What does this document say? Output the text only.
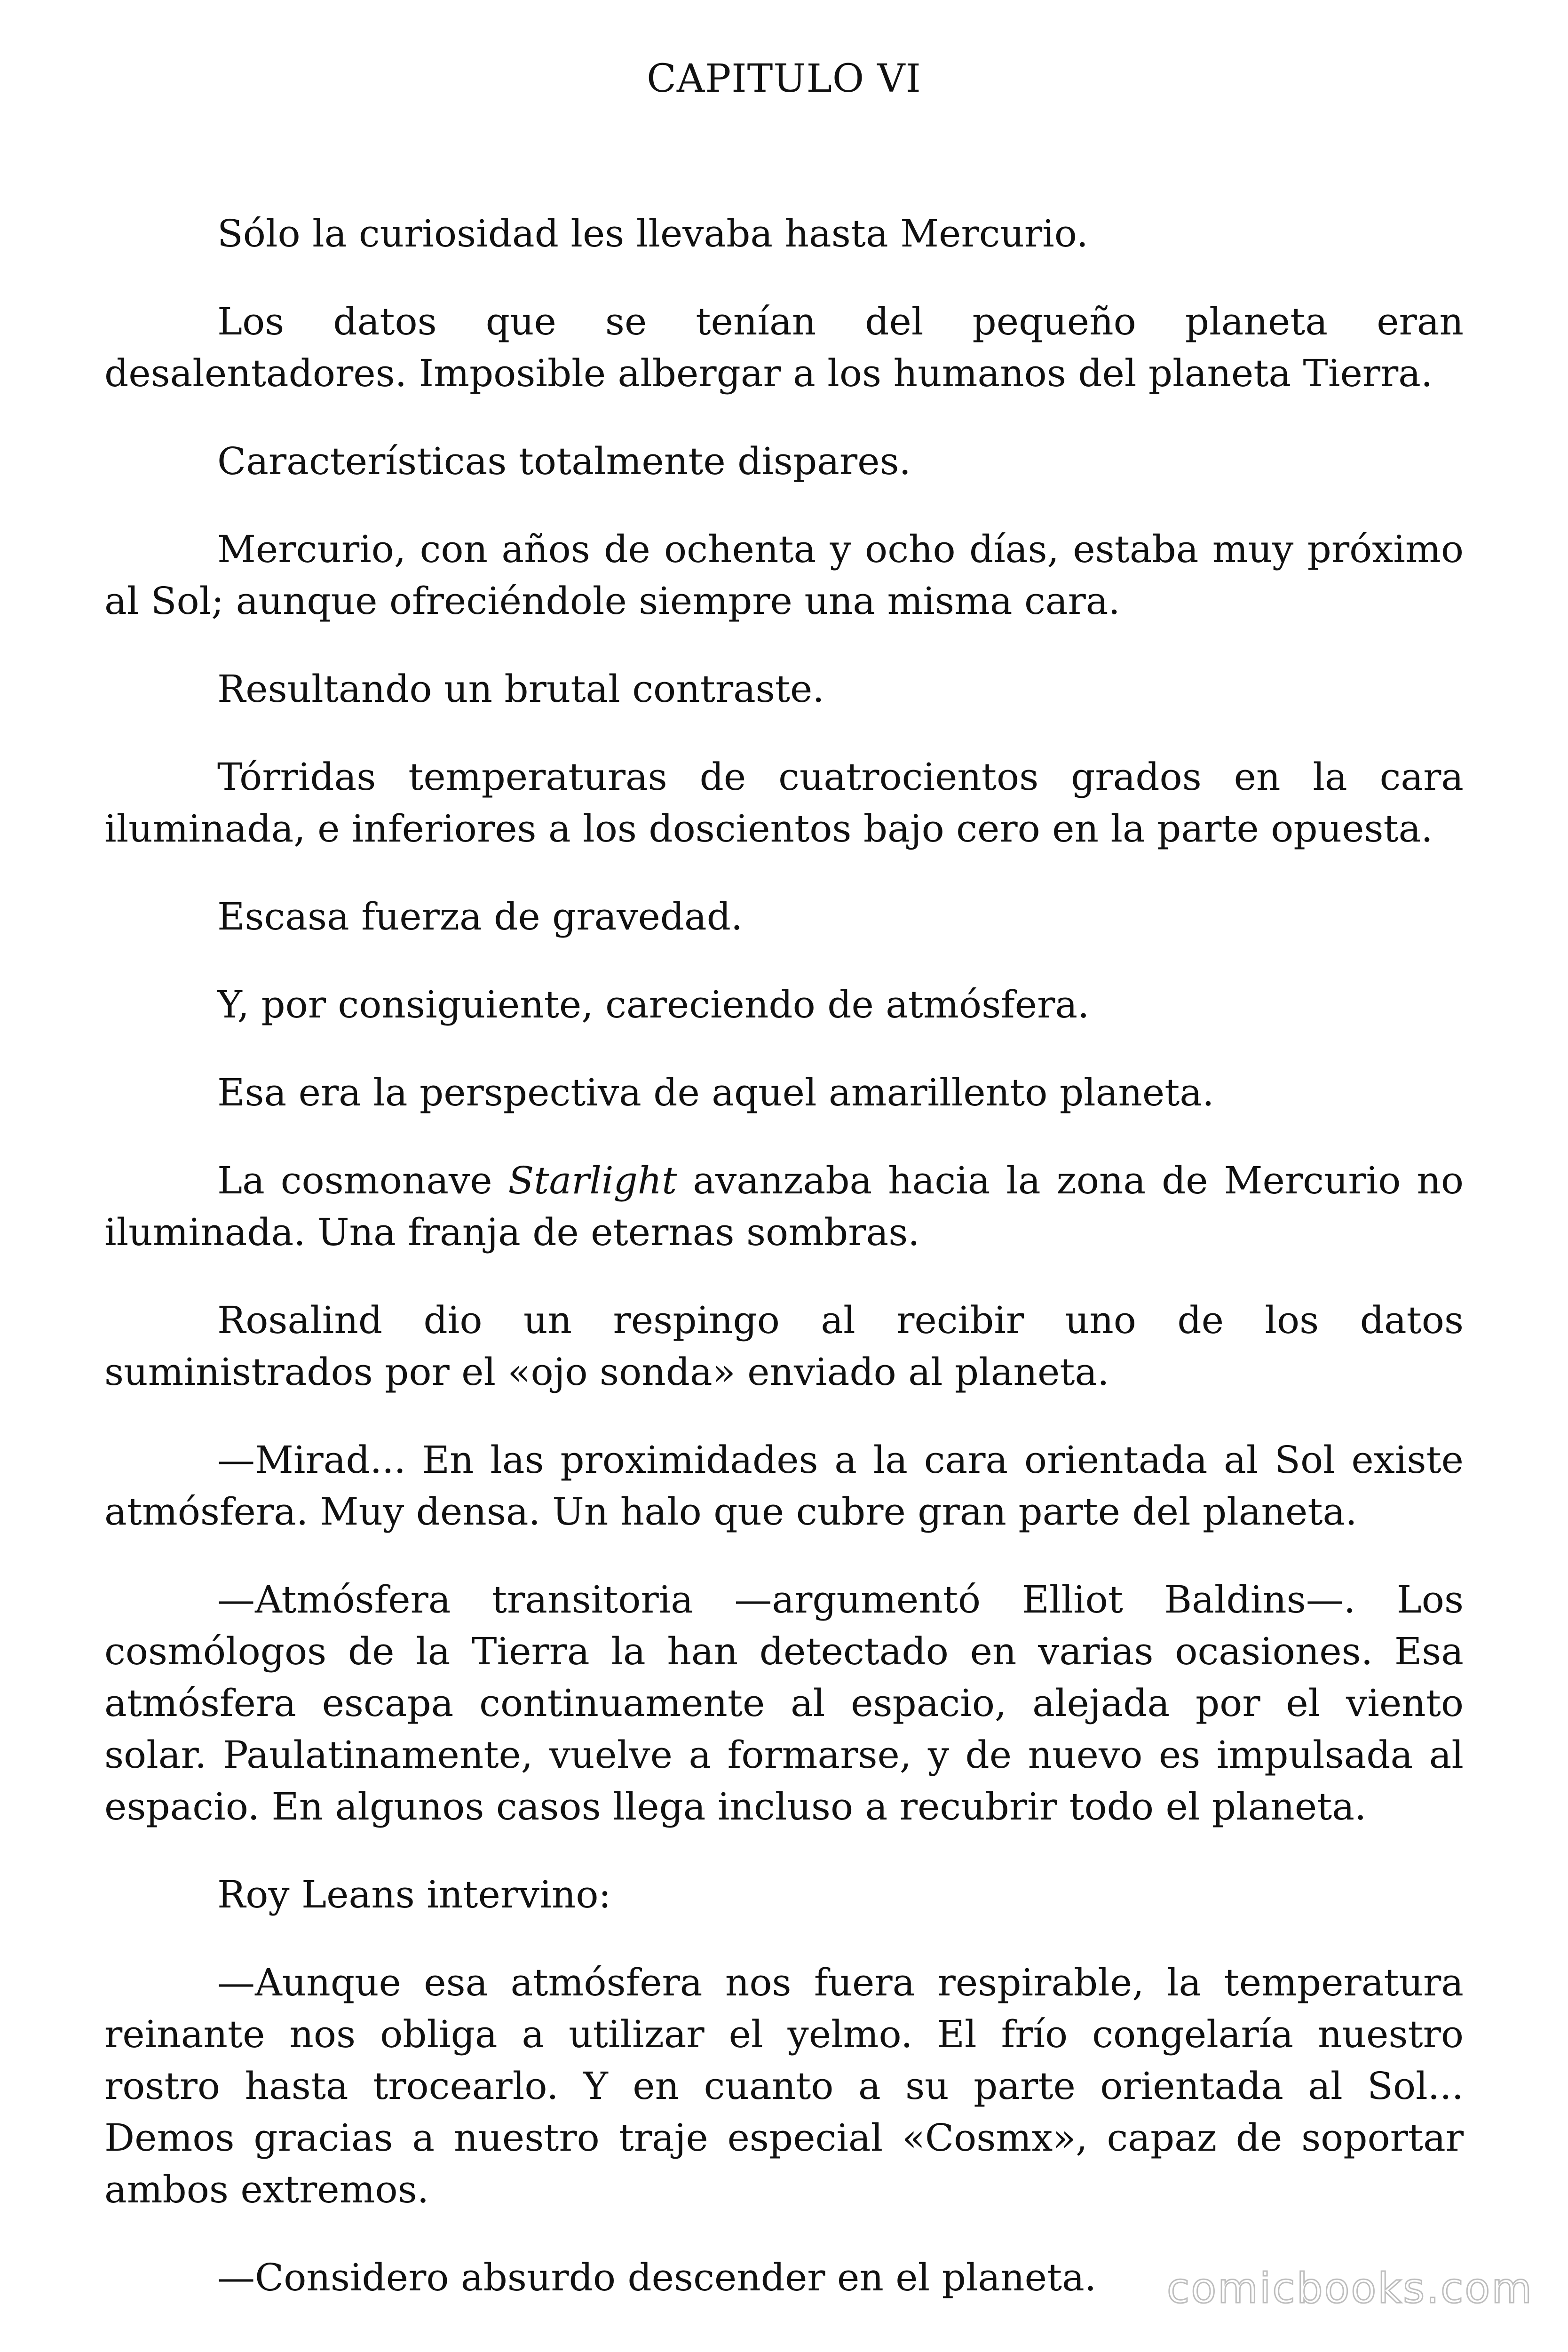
CAPITULO VI

Sólo la curiosidad les llevaba hasta Mercurio.

Los datos que se tenían del pequeño planeta eran desalentadores. Imposible albergar a los humanos del planeta Tierra.

Características totalmente dispares.

Mercurio, con años de ochenta y ocho días, estaba muy próximo al Sol; aunque ofreciéndole siempre una misma cara.

Resultando un brutal contraste.

Tórridas temperaturas de cuatrocientos grados en la cara iluminada, e inferiores a los doscientos bajo cero en la parte opuesta.

Escasa fuerza de gravedad.

Y, por consiguiente, careciendo de atmósfera.

Esa era la perspectiva de aquel amarillento planeta.

La cosmonave Starlight avanzaba hacia la zona de Mercurio no iluminada. Una franja de eternas sombras.

Rosalind dio un respingo al recibir uno de los datos suministrados por el «ojo sonda» enviado al planeta.

—Mirad... En las proximidades a la cara orientada al Sol existe atmósfera. Muy densa. Un halo que cubre gran parte del planeta.

—Atmósfera transitoria —argumentó Elliot Baldins—. Los cosmólogos de la Tierra la han detectado en varias ocasiones. Esa atmósfera escapa continuamente al espacio, alejada por el viento solar. Paulatinamente, vuelve a formarse, y de nuevo es impulsada al espacio. En algunos casos llega incluso a recubrir todo el planeta.

Roy Leans intervino:

—Aunque esa atmósfera nos fuera respirable, la temperatura reinante nos obliga a utilizar el yelmo. El frío congelaría nuestro rostro hasta trocearlo. Y en cuanto a su parte orientada al Sol... Demos gracias a nuestro traje especial «Cosmx», capaz de soportar ambos extremos.

—Considero absurdo descender en el planeta.	comicbooks.com
